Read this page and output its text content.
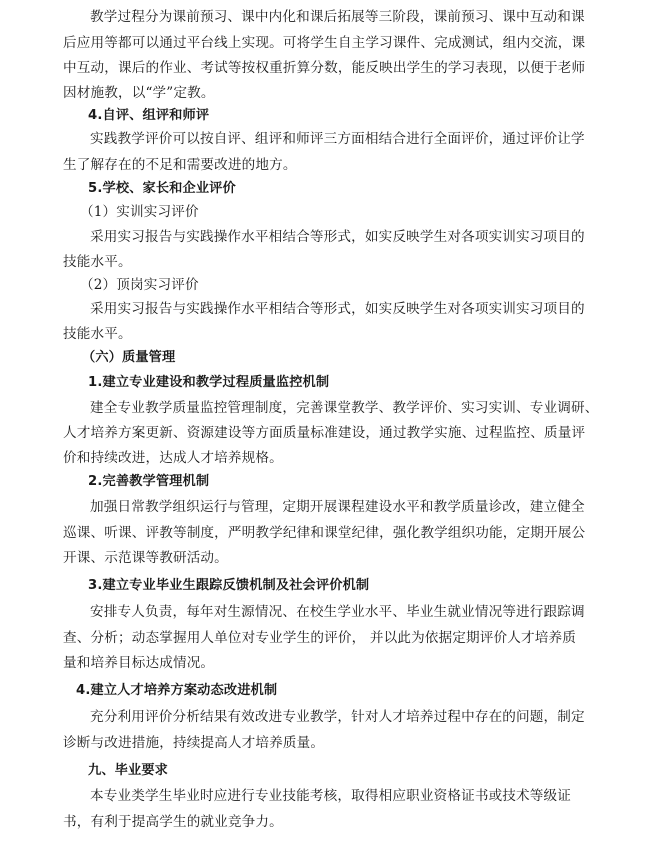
教学过程分为课前预习、课中内化和课后拓展等三阶段，课前预习、课中互动和课
后应用等都可以通过平台线上实现。可将学生自主学习课件、完成测试，组内交流，课
中互动，课后的作业、考试等按权重折算分数，能反映出学生的学习表现，以便于老师
因材施教，以“学”定教。
4.自评、组评和师评
实践教学评价可以按自评、组评和师评三方面相结合进行全面评价，通过评价让学
生了解存在的不足和需要改进的地方。
5.学校、家长和企业评价
（1）实训实习评价
采用实习报告与实践操作水平相结合等形式，如实反映学生对各项实训实习项目的
技能水平。
（2）顶岗实习评价
采用实习报告与实践操作水平相结合等形式，如实反映学生对各项实训实习项目的
技能水平。
（六）质量管理
1.建立专业建设和教学过程质量监控机制
建全专业教学质量监控管理制度，完善课堂教学、教学评价、实习实训、专业调研、
人才培养方案更新、资源建设等方面质量标准建设，通过教学实施、过程监控、质量评
价和持续改进，达成人才培养规格。
2.完善教学管理机制
加强日常教学组织运行与管理，定期开展课程建设水平和教学质量诊改，建立健全
巡课、听课、评教等制度，严明教学纪律和课堂纪律，强化教学组织功能，定期开展公
开课、示范课等教研活动。
3.建立专业毕业生跟踪反馈机制及社会评价机制
安排专人负责，每年对生源情况、在校生学业水平、毕业生就业情况等进行跟踪调
查、分析；动态掌握用人单位对专业学生的评价， 并以此为依据定期评价人才培养质
量和培养目标达成情况。
4.建立人才培养方案动态改进机制
充分利用评价分析结果有效改进专业教学，针对人才培养过程中存在的问题，制定
诊断与改进措施，持续提高人才培养质量。
九、毕业要求
本专业类学生毕业时应进行专业技能考核，取得相应职业资格证书或技术等级证
书，有利于提高学生的就业竞争力。
